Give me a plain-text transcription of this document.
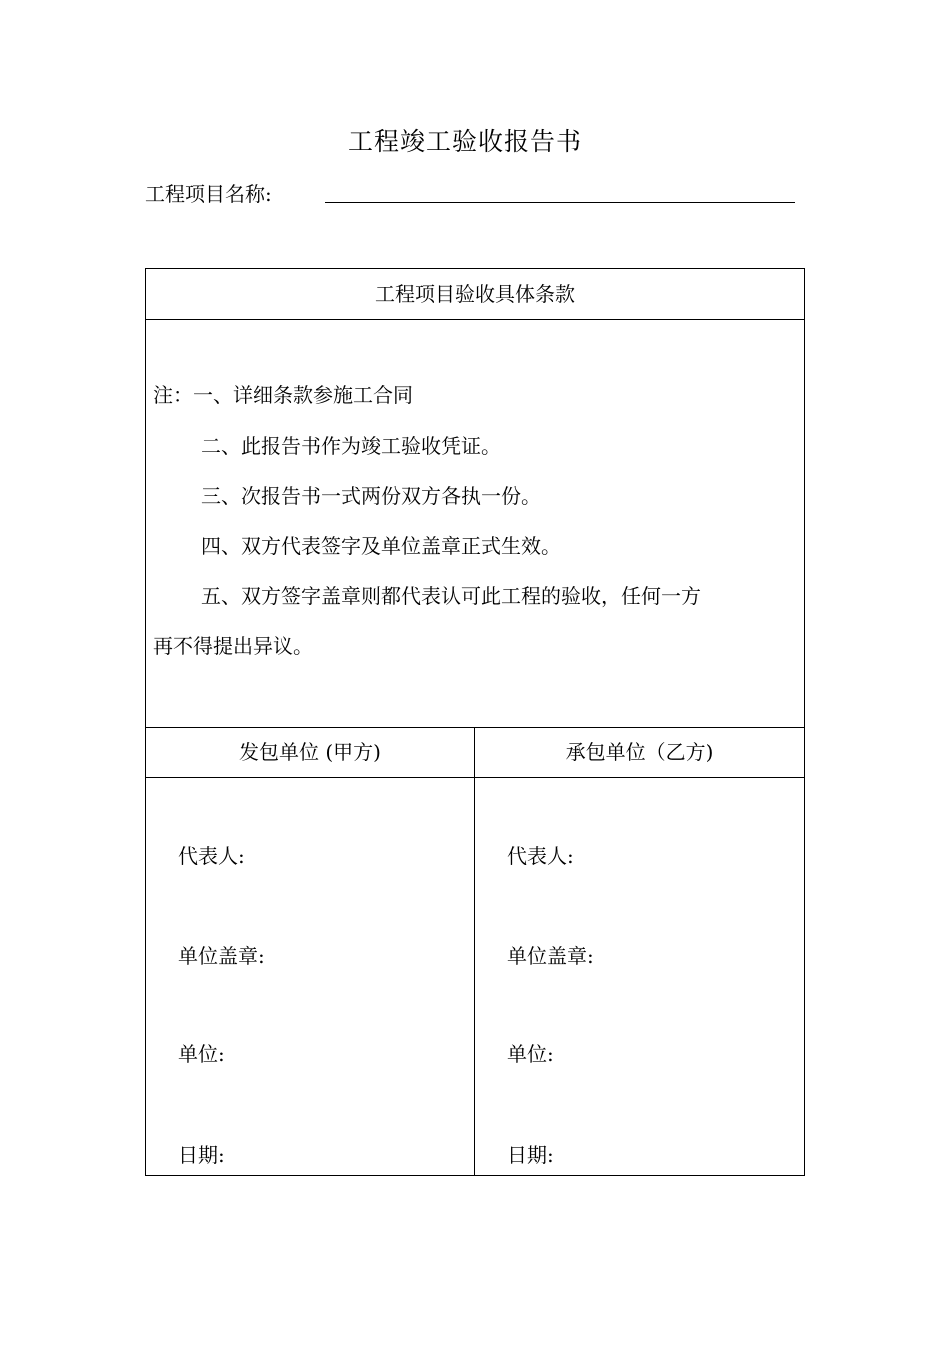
工程竣工验收报告书
工程项目名称:
工程项目验收具体条款
注：一、详细条款参施工合同
二、此报告书作为竣工验收凭证。
三、次报告书一式两份双方各执一份。
四、双方代表签字及单位盖章正式生效。
五、双方签字盖章则都代表认可此工程的验收，任何一方
再不得提出异议。
发包单位 (甲方)	承包单位（乙方)
代表人:
单位盖章:
单位:
日期:
代表人:
单位盖章:
单位:
日期:
